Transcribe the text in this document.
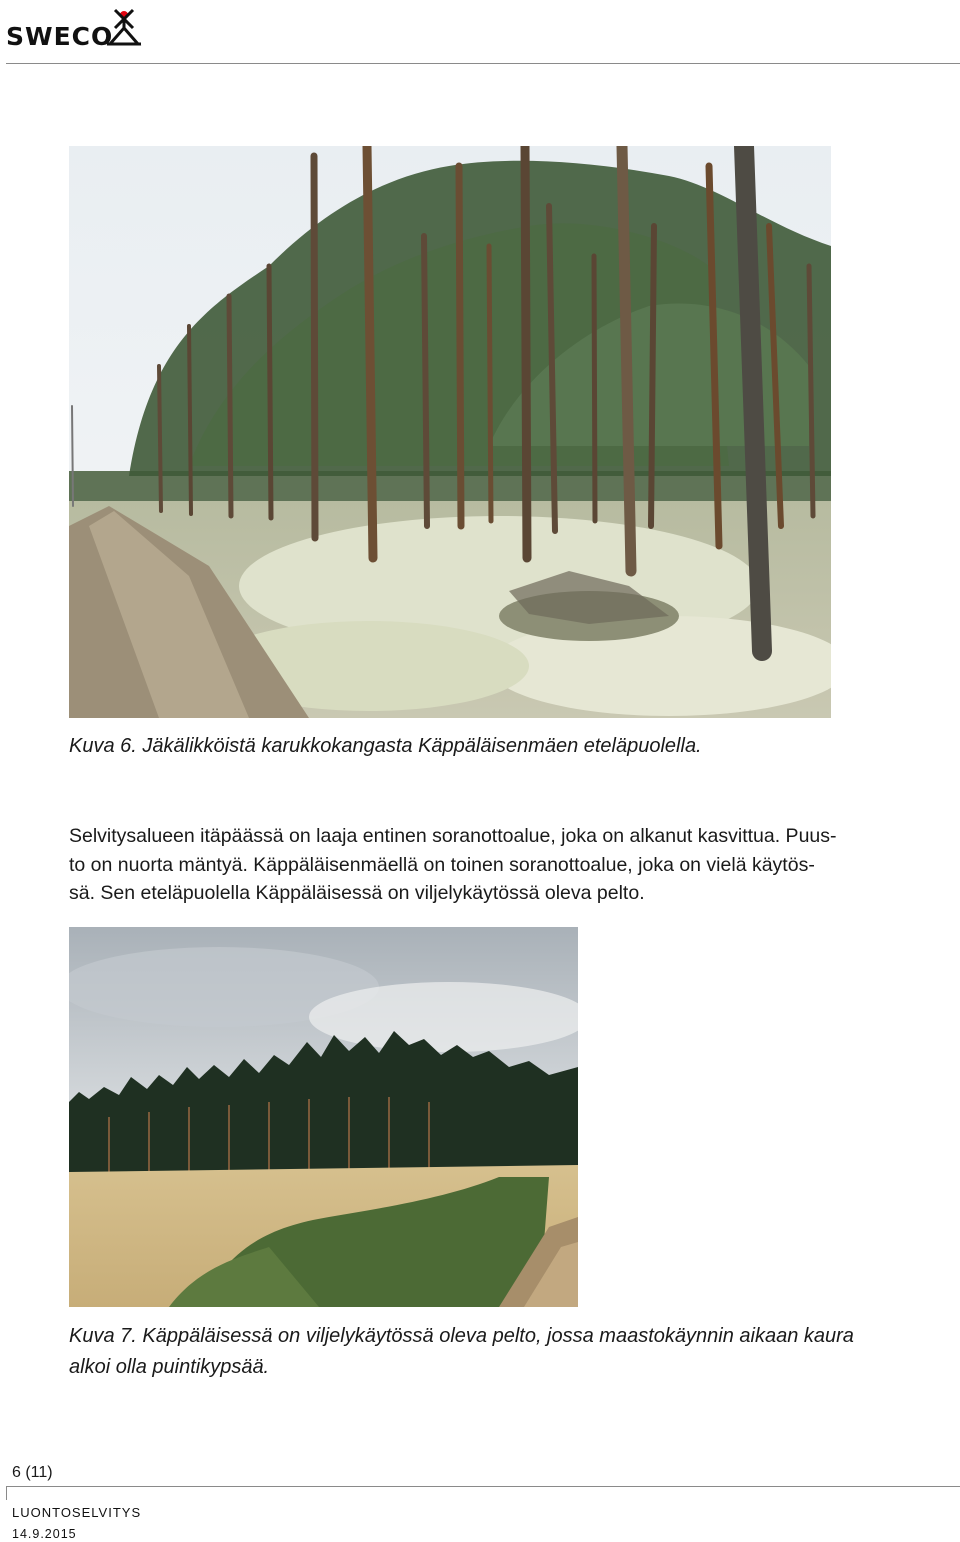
SWECO
Kuva 6. Jäkälikköistä karukkokangasta Käppäläisenmäen eteläpuolella.
Selvitysalueen itäpäässä on laaja entinen soranottoalue, joka on alkanut kasvittua. Puus-
to on nuorta mäntyä. Käppäläisenmäellä on toinen soranottoalue, joka on vielä käytös-
sä. Sen eteläpuolella Käppäläisessä on viljelykäytössä oleva pelto.
Kuva 7. Käppäläisessä on viljelykäytössä oleva pelto, jossa maastokäynnin aikaan kaura
alkoi olla puintikypsää.
6 (11)
LUONTOSELVITYS
14.9.2015
